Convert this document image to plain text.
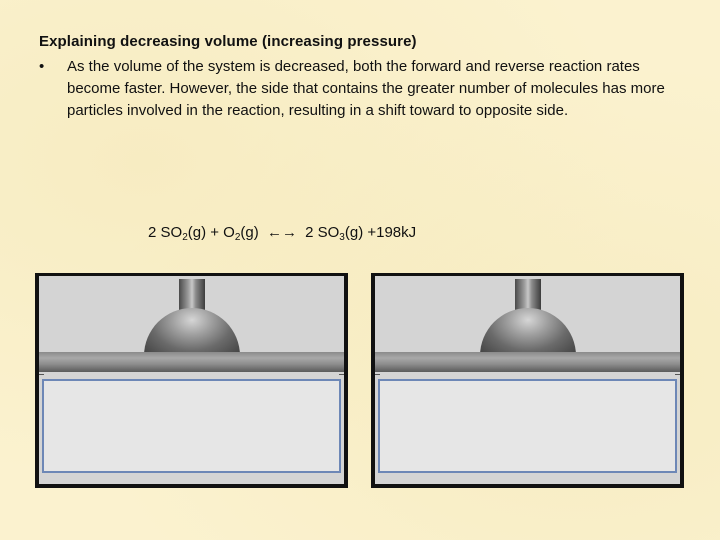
Explaining decreasing volume (increasing pressure)
•	As the volume of the system is decreased, both the forward and reverse reaction rates become faster. However, the side that contains the greater number of molecules has more particles involved in the reaction, resulting in a shift toward to opposite side.
2 $SO_2(g) + O_2(g)$ ←→ 2 $SO_3(g) +198kJ$
